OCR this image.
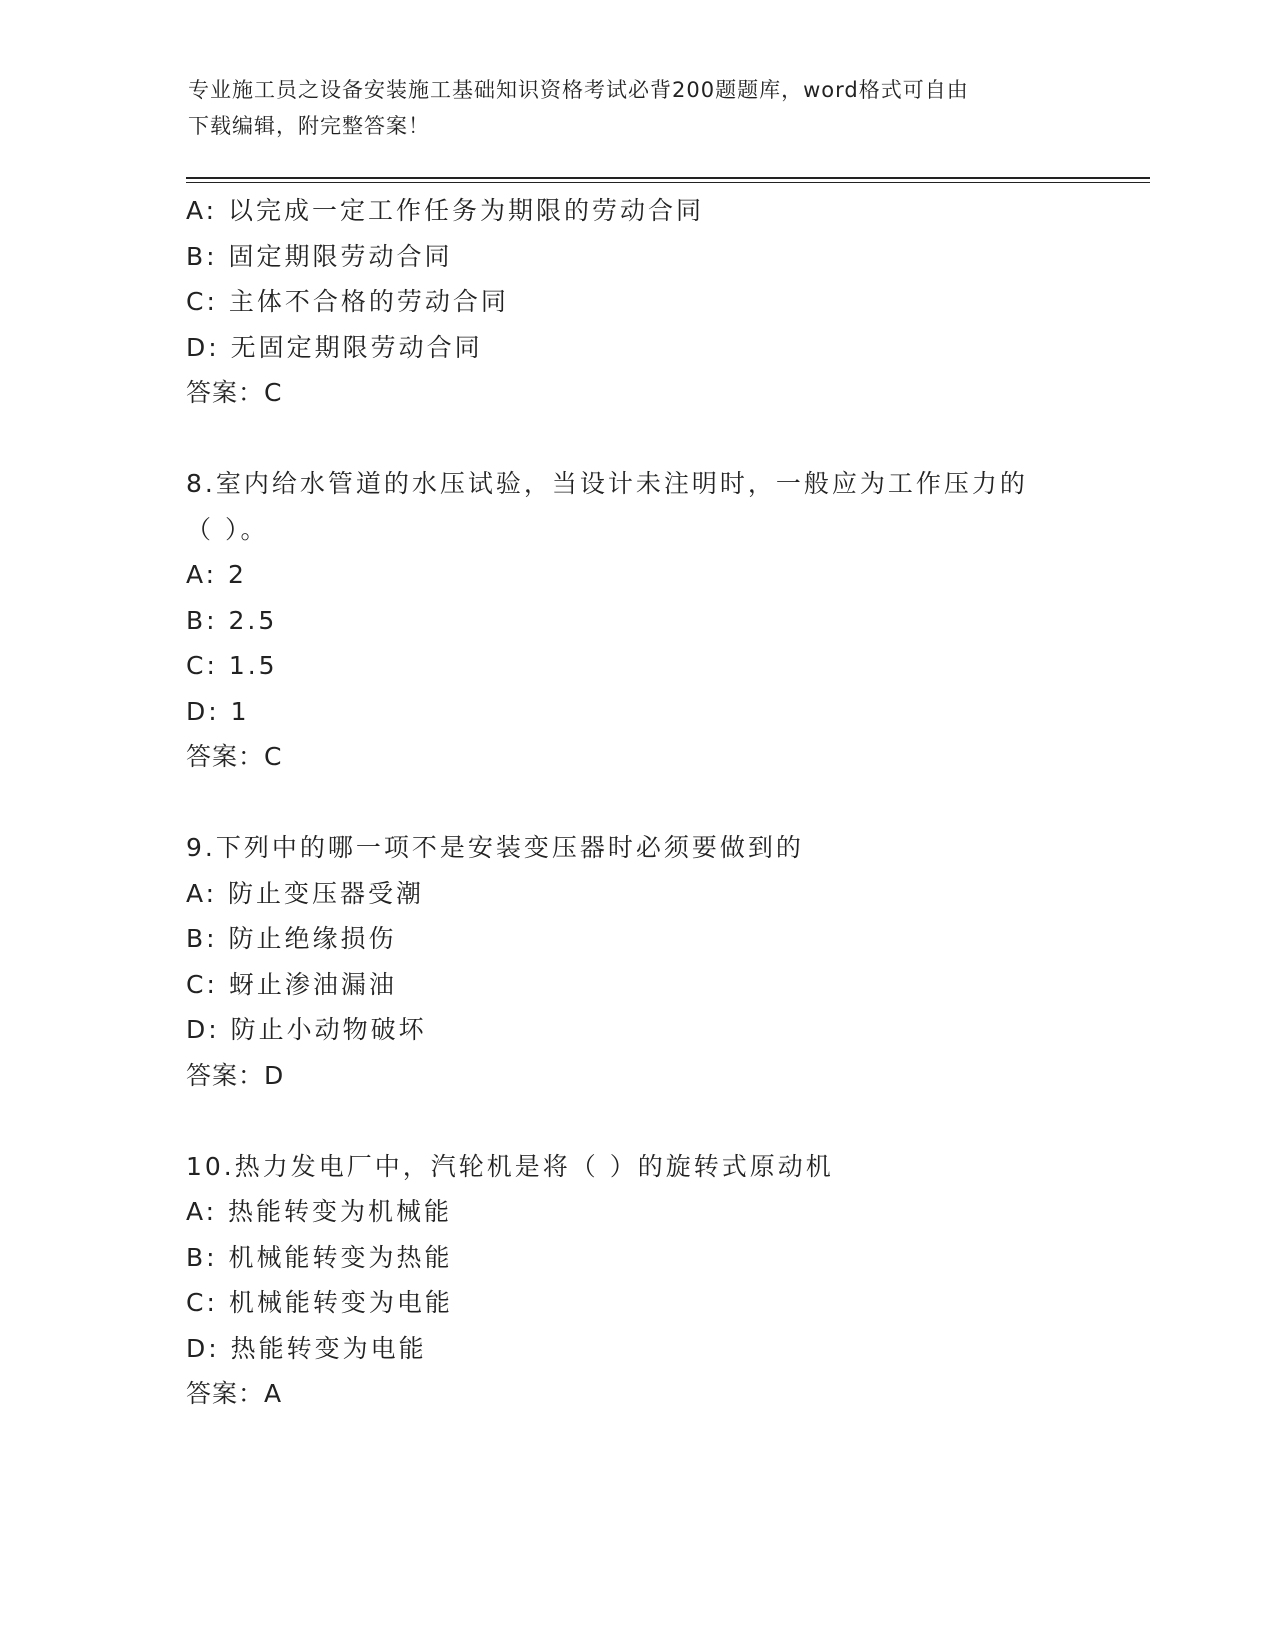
专业施工员之设备安装施工基础知识资格考试必背200题题库，word格式可自由
下载编辑，附完整答案！
A: 以完成一定工作任务为期限的劳动合同
B: 固定期限劳动合同
C: 主体不合格的劳动合同
D: 无固定期限劳动合同
答案：C
8.室内给水管道的水压试验，当设计未注明时，一般应为工作压力的
（ ）。
A: 2
B: 2.5
C: 1.5
D: 1
答案：C
9.下列中的哪一项不是安装变压器时必须要做到的
A: 防止变压器受潮
B: 防止绝缘损伤
C: 蚜止渗油漏油
D: 防止小动物破坏
答案：D
10.热力发电厂中，汽轮机是将（ ）的旋转式原动机
A: 热能转变为机械能
B: 机械能转变为热能
C: 机械能转变为电能
D: 热能转变为电能
答案：A
